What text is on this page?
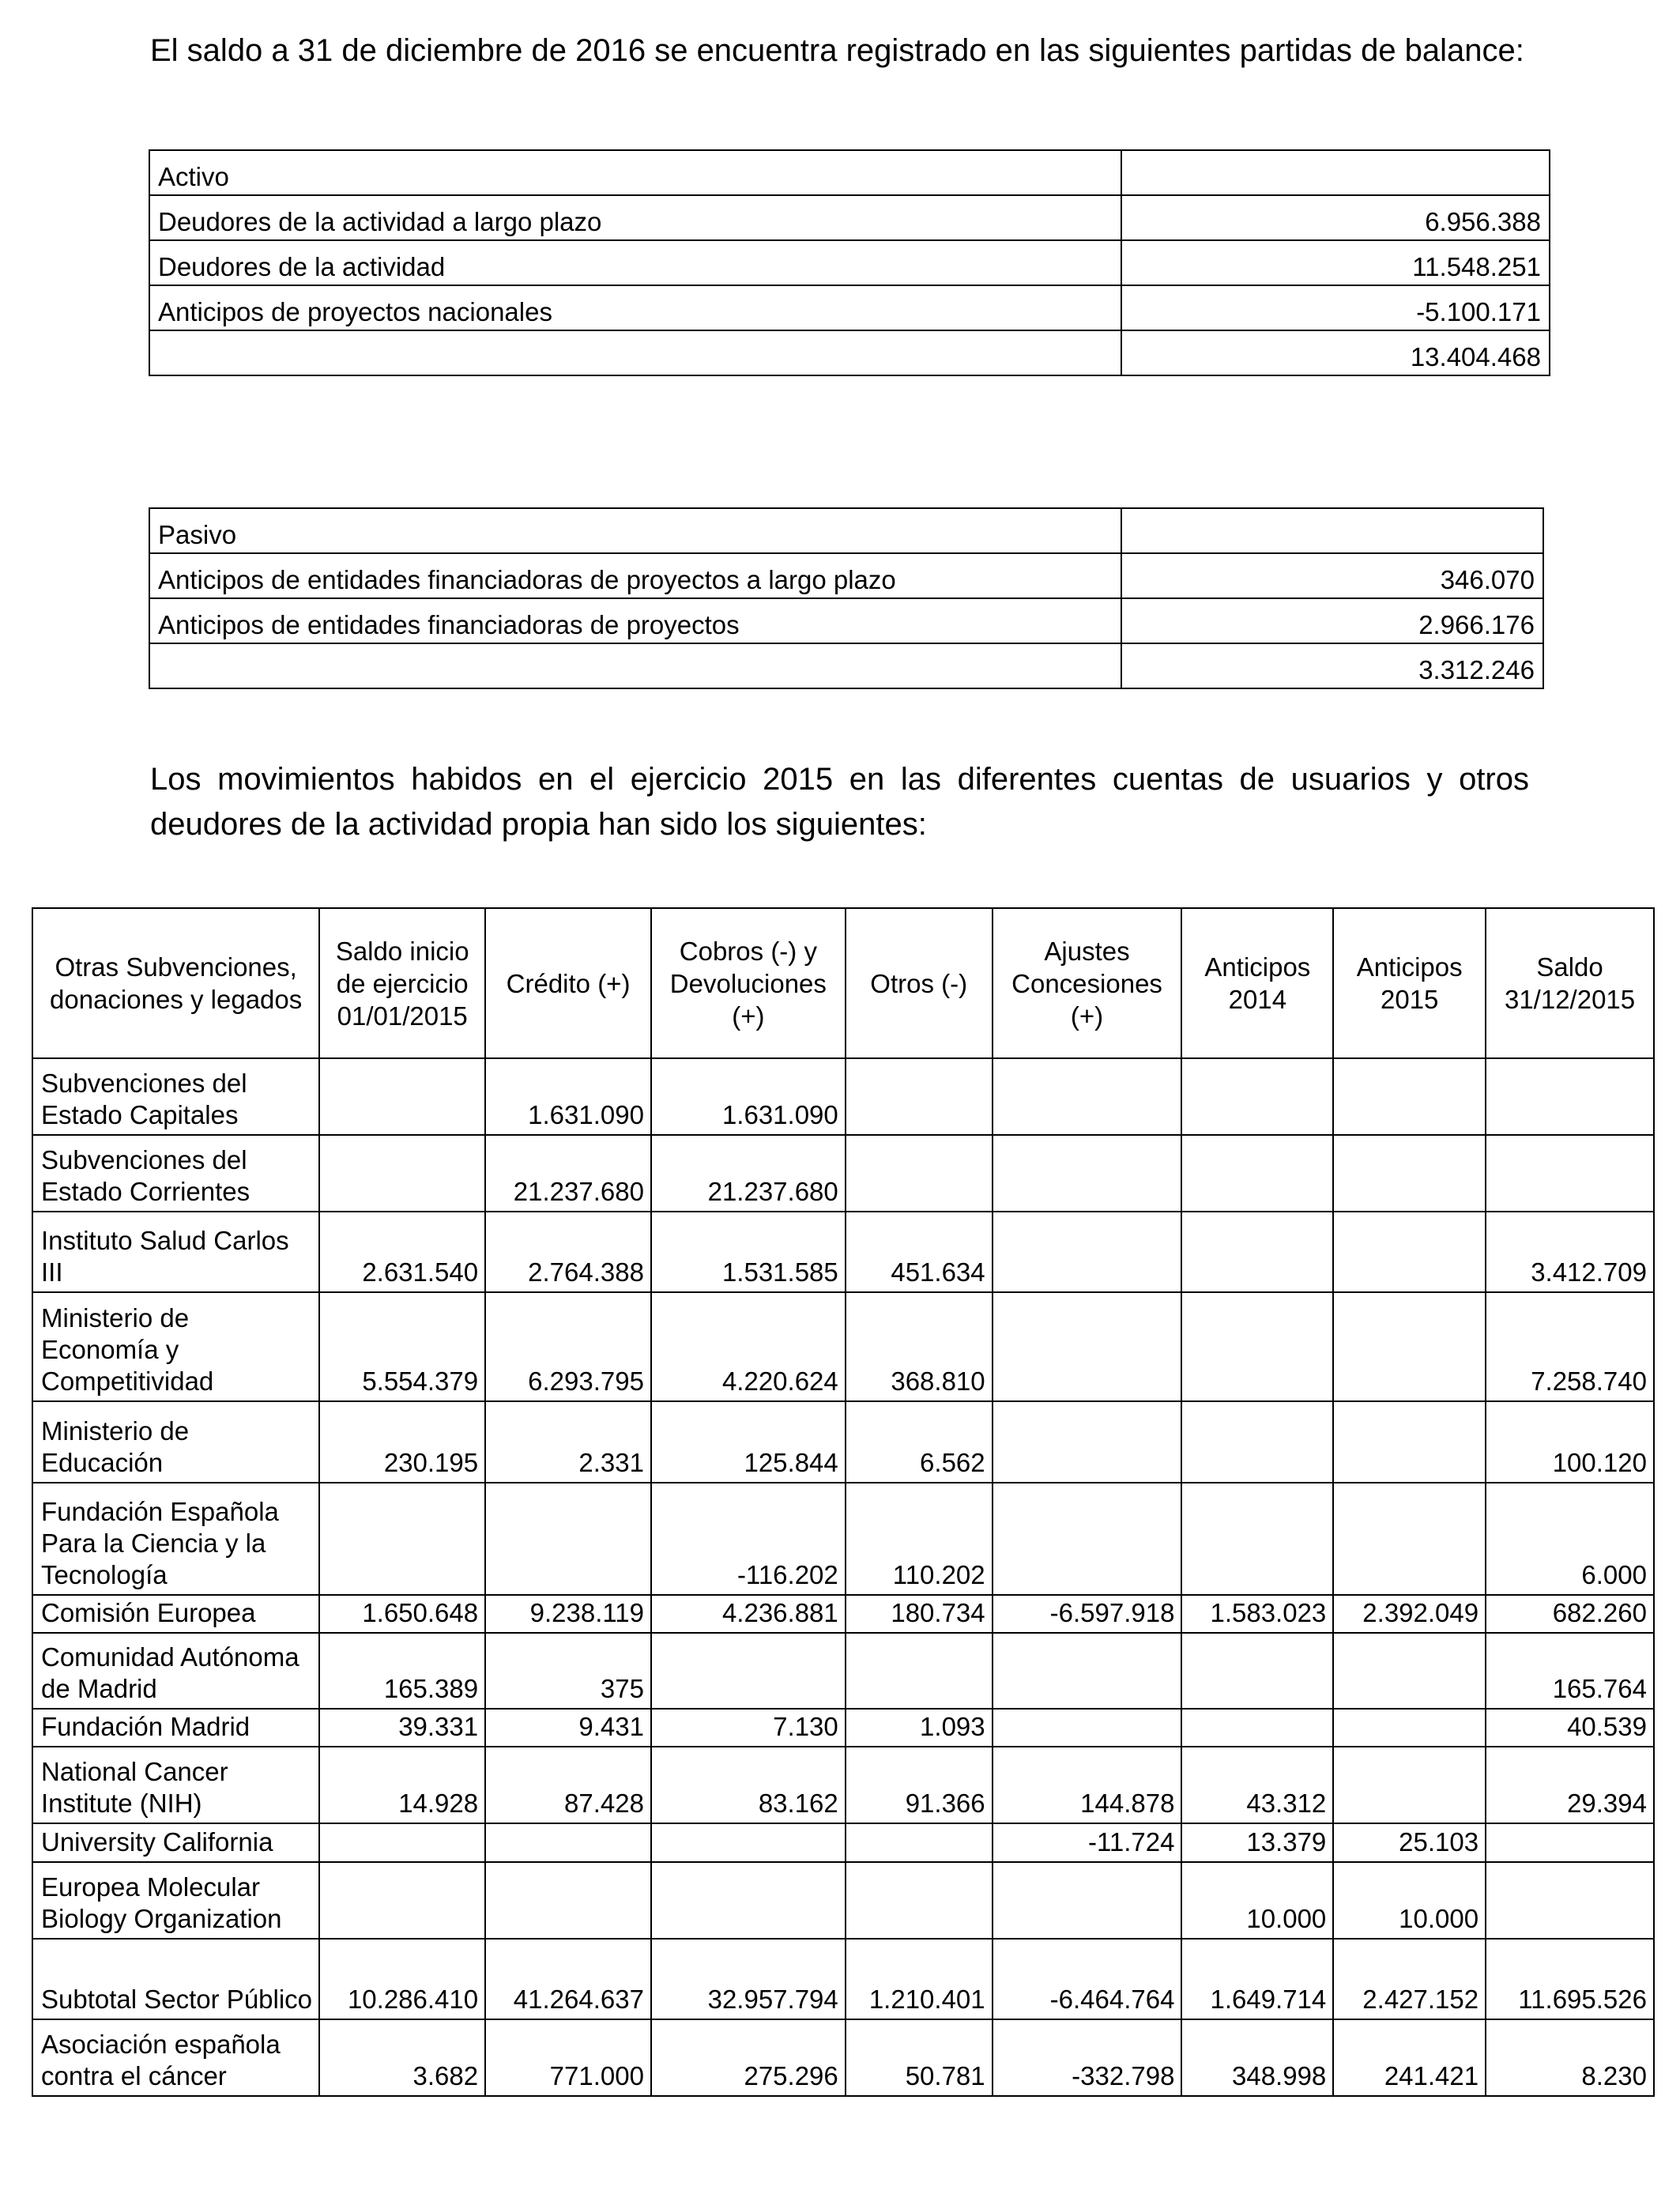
El saldo a 31 de diciembre de 2016 se encuentra registrado en las siguientes partidas de balance:

Activo	
Deudores de la actividad a largo plazo	6.956.388
Deudores de la actividad	11.548.251
Anticipos de proyectos nacionales	-5.100.171
	13.404.468
Pasivo	
Anticipos de entidades financiadoras de proyectos a largo plazo	346.070
Anticipos de entidades financiadoras de proyectos	2.966.176
	3.312.246

Los movimientos habidos en el ejercicio 2015 en las diferentes cuentas de usuarios y otros deudores de la actividad propia han sido los siguientes:

Otras Subvenciones, donaciones y legados	Saldo inicio de ejercicio 01/01/2015	Crédito (+)	Cobros (-) y Devoluciones (+)	Otros (-)	Ajustes Concesiones (+)	Anticipos 2014	Anticipos 2015	Saldo 31/12/2015
Subvenciones del Estado Capitales		1.631.090	1.631.090					
Subvenciones del Estado Corrientes		21.237.680	21.237.680					
Instituto Salud Carlos III	2.631.540	2.764.388	1.531.585	451.634				3.412.709
Ministerio de Economía y Competitividad	5.554.379	6.293.795	4.220.624	368.810				7.258.740
Ministerio de Educación	230.195	2.331	125.844	6.562				100.120
Fundación Española Para la Ciencia y la Tecnología			-116.202	110.202				6.000
Comisión Europea	1.650.648	9.238.119	4.236.881	180.734	-6.597.918	1.583.023	2.392.049	682.260
Comunidad Autónoma de Madrid	165.389	375						165.764
Fundación Madrid	39.331	9.431	7.130	1.093				40.539
National Cancer Institute (NIH)	14.928	87.428	83.162	91.366	144.878	43.312		29.394
University California					-11.724	13.379	25.103	
Europea Molecular Biology Organization						10.000	10.000	
Subtotal Sector Público	10.286.410	41.264.637	32.957.794	1.210.401	-6.464.764	1.649.714	2.427.152	11.695.526
Asociación española contra el cáncer	3.682	771.000	275.296	50.781	-332.798	348.998	241.421	8.230
